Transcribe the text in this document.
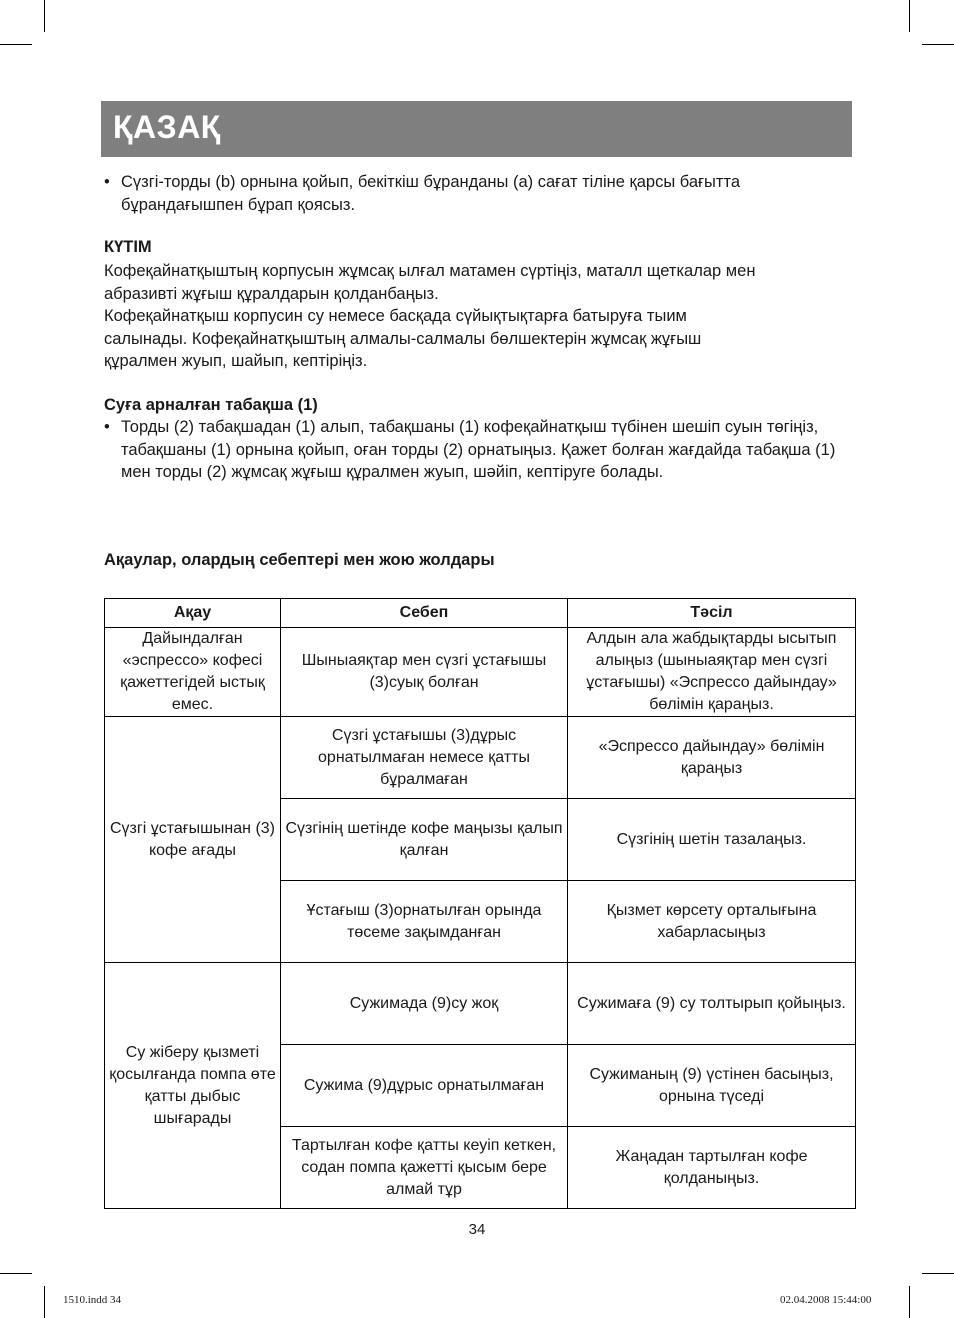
ҚАЗАҚ
• Сүзгі-торды (b) орнына қойып, бекіткіш бұранданы (a) сағат тіліне қарсы бағытта бұрандағышпен бұрап қоясыз.

КҮТІМ
Кофеқайнатқыштың корпусын жұмсақ ылғал матамен сүртіңіз, маталл щеткалар мен
абразивті жұғыш құралдарын қолданбаңыз.
Кофеқайнатқыш корпусин су немесе басқада сүйықтықтарға батыруға тыим
салынады. Кофеқайнатқыштың алмалы-салмалы бөлшектерін жұмсақ жұғыш
құралмен жуып, шайып, кептіріңіз.
Суға арналған табақша (1)
• Торды (2) табақшадан (1) алып, табақшаны (1) кофеқайнатқыш түбінен шешіп суын төгіңіз, табақшаны (1) орнына қойып, оған торды (2) орнатыңыз. Қажет болған жағдайда табақша (1) мен торды (2) жұмсақ жұғыш құралмен жуып, шәйіп, кептіруге болады.

Ақаулар, олардың себептері мен жою жолдары
Ақау	Себеп	Тәсіл
Дайындалған «эспрессо» кофесі қажеттегідей ыстық емес.	Шыныаяқтар мен сүзгі ұстағышы (3)суық болған	Алдын ала жабдықтарды ысытып алыңыз (шыныаяқтар мен сүзгі ұстағышы) «Эспрессо дайындау» бөлімін қараңыз.
Сүзгі ұстағышынан (3) кофе ағады	Сүзгі ұстағышы (3)дұрыс орнатылмаған немесе қатты бұралмаған	«Эспрессо дайындау» бөлімін қараңыз
	Сүзгінің шетінде кофе маңызы қалып қалған	Сүзгінің шетін тазалаңыз.
	Ұстағыш (3)орнатылған орында төсеме зақымданған	Қызмет көрсету орталығына хабарласыңыз
Су жіберу қызметі қосылғанда помпа өте қатты дыбыс шығарады	Сужимада (9)су жоқ	Сужимаға (9) су толтырып қойыңыз.
	Сужима (9)дұрыс орнатылмаған	Сужиманың (9) үстінен басыңыз, орнына түседі
	Тартылған кофе қатты кеуіп кеткен, содан помпа қажетті қысым бере алмай тұр	Жаңадан тартылған кофе қолданыңыз.
34
1510.indd 34	02.04.2008 15:44:00
